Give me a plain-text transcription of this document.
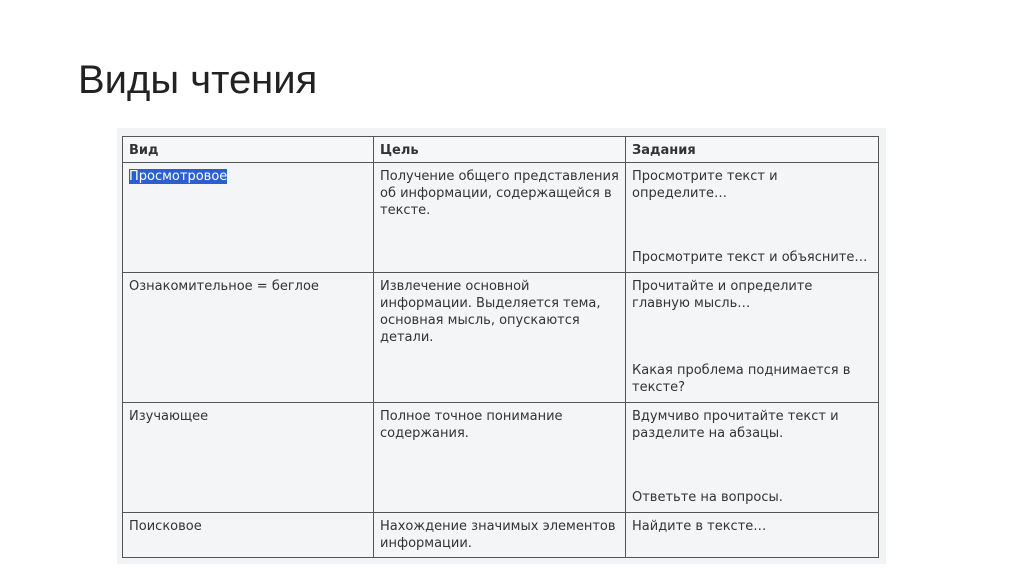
Виды чтения
Вид	Цель	Задания
Просмотровое	Получение общего представления об информации, содержащейся в тексте.	Просмотрите текст и определите…
Просмотрите текст и объясните…

Ознакомительное = беглое	Извлечение основной информации. Выделяется тема, основная мысль, опускаются детали.	Прочитайте и определите главную мысль…
Какая проблема поднимается в тексте?

Изучающее	Полное точное понимание содержания.	Вдумчиво прочитайте текст и разделите на абзацы.
Ответьте на вопросы.

Поисковое	Нахождение значимых элементов информации.	Найдите в тексте…
